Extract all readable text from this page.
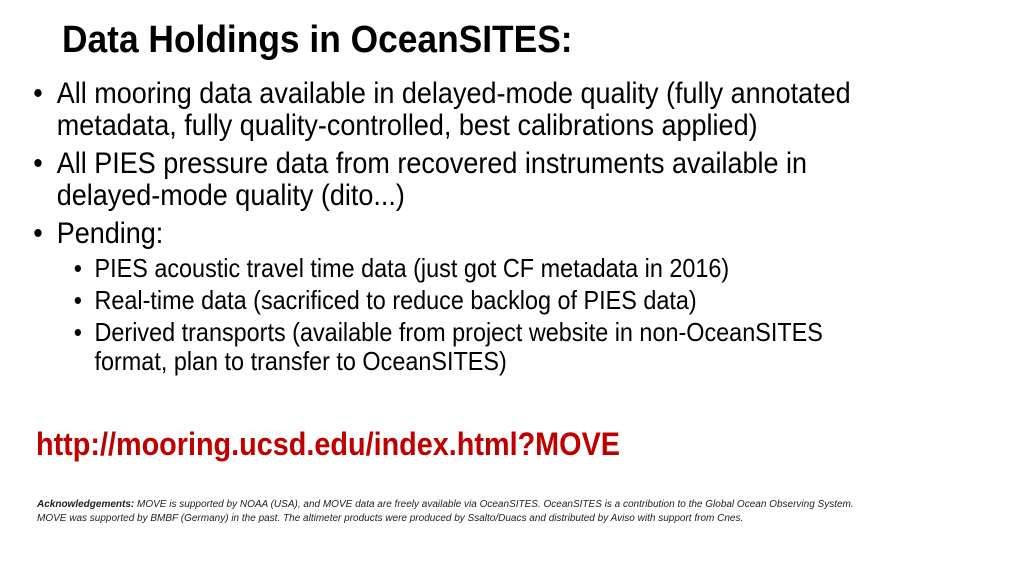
Data Holdings in OceanSITES:
• All mooring data available in delayed-mode quality (fully annotated
metadata, fully quality-controlled, best calibrations applied)
• All PIES pressure data from recovered instruments available in
delayed-mode quality (dito...)
• Pending:
• PIES acoustic travel time data (just got CF metadata in 2016)
• Real-time data (sacrificed to reduce backlog of PIES data)
• Derived transports (available from project website in non-OceanSITES
format, plan to transfer to OceanSITES)
http://mooring.ucsd.edu/index.html?MOVE
Acknowledgements: MOVE is supported by NOAA (USA), and MOVE data are freely available via OceanSITES. OceanSITES is a contribution to the Global Ocean Observing System.
MOVE was supported by BMBF (Germany) in the past. The altimeter products were produced by Ssalto/Duacs and distributed by Aviso with support from Cnes.
